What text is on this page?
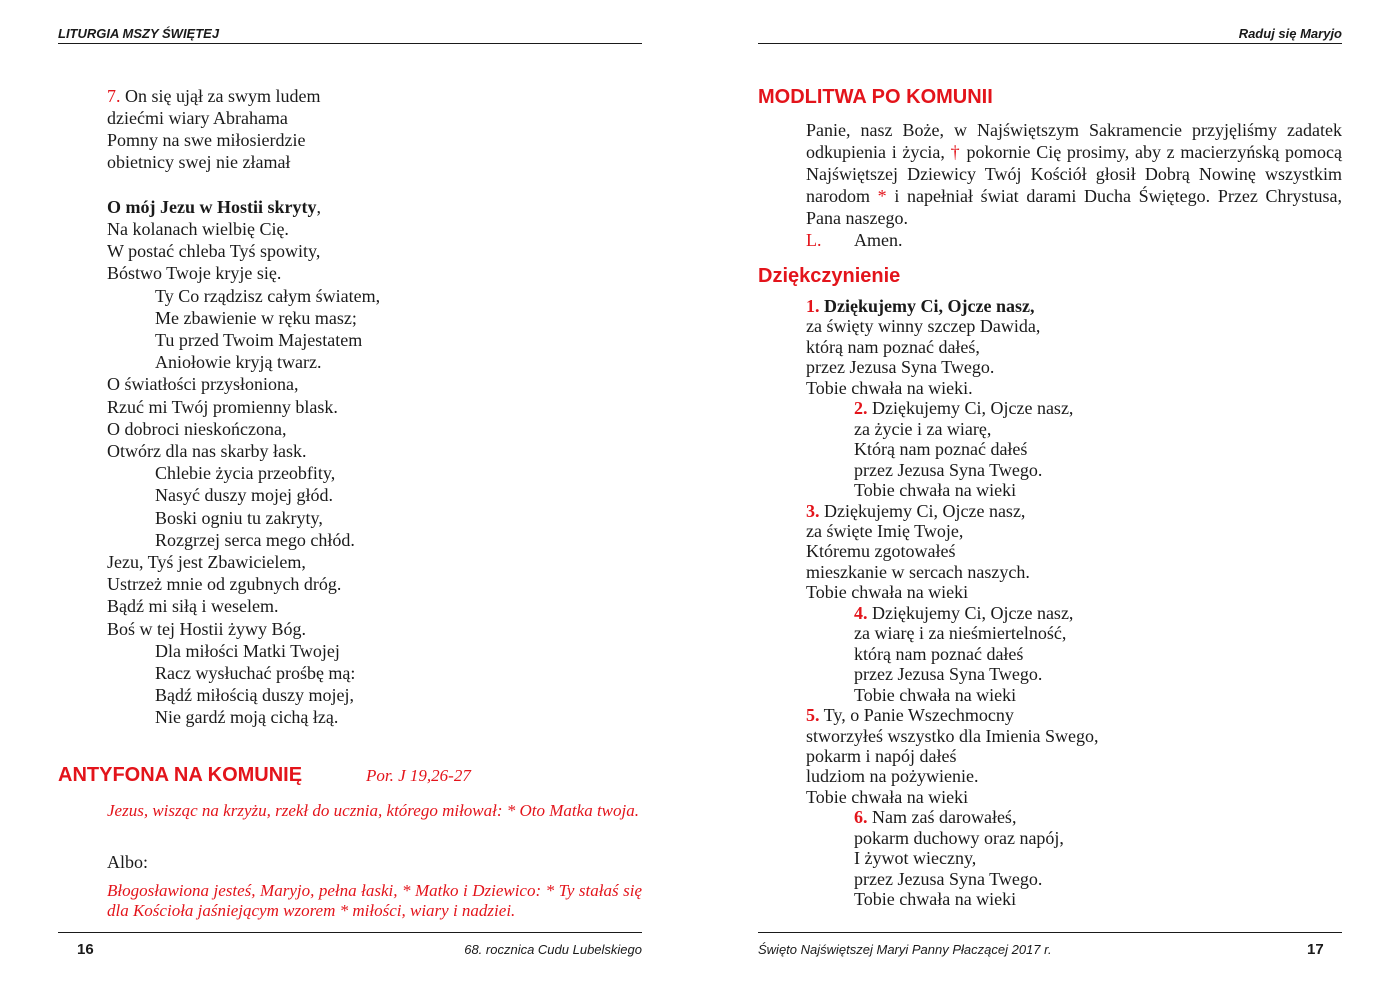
LITURGIA MSZY ŚWIĘTEJ
7. On się ujął za swym ludem
dziećmi wiary Abrahama
Pomny na swe miłosierdzie
obietnicy swej nie złamał
O mój Jezu w Hostii skryty,
Na kolanach wielbię Cię.
W postać chleba Tyś spowity,
Bóstwo Twoje kryje się.
Ty Co rządzisz całym światem,
Me zbawienie w ręku masz;
Tu przed Twoim Majestatem
Aniołowie kryją twarz.
O światłości przysłoniona,
Rzuć mi Twój promienny blask.
O dobroci nieskończona,
Otwórz dla nas skarby łask.
Chlebie życia przeobfity,
Nasyć duszy mojej głód.
Boski ogniu tu zakryty,
Rozgrzej serca mego chłód.
Jezu, Tyś jest Zbawicielem,
Ustrzeż mnie od zgubnych dróg.
Bądź mi siłą i weselem.
Boś w tej Hostii żywy Bóg.
Dla miłości Matki Twojej
Racz wysłuchać prośbę mą:
Bądź miłością duszy mojej,
Nie gardź moją cichą łzą.
ANTYFONA NA KOMUNIĘ	Por. J 19,26-27
Jezus, wisząc na krzyżu, rzekł do ucznia, którego miłował: * Oto Matka twoja.
Albo:
Błogosławiona jesteś, Maryjo, pełna łaski, * Matko i Dziewico: * Ty stałaś się dla Kościoła jaśniejącym wzorem * miłości, wiary i nadziei.
16	68. rocznica Cudu Lubelskiego
Raduj się Maryjo
MODLITWA PO KOMUNII
Panie, nasz Boże, w Najświętszym Sakramencie przyjęliśmy zadatek odkupienia i życia, † pokornie Cię prosimy, aby z macierzyńską pomocą Najświętszej Dziewicy Twój Kościół głosił Dobrą Nowinę wszystkim narodom * i napełniał świat darami Ducha Świętego. Przez Chrystusa, Pana naszego.
L. Amen.
Dziękczynienie
1. Dziękujemy Ci, Ojcze nasz,
za święty winny szczep Dawida,
którą nam poznać dałeś,
przez Jezusa Syna Twego.
Tobie chwała na wieki.
2. Dziękujemy Ci, Ojcze nasz,
za życie i za wiarę,
Którą nam poznać dałeś
przez Jezusa Syna Twego.
Tobie chwała na wieki
3. Dziękujemy Ci, Ojcze nasz,
za święte Imię Twoje,
Któremu zgotowałeś
mieszkanie w sercach naszych.
Tobie chwała na wieki
4. Dziękujemy Ci, Ojcze nasz,
za wiarę i za nieśmiertelność,
którą nam poznać dałeś
przez Jezusa Syna Twego.
Tobie chwała na wieki
5. Ty, o Panie Wszechmocny
stworzyłeś wszystko dla Imienia Swego,
pokarm i napój dałeś
ludziom na pożywienie.
Tobie chwała na wieki
6. Nam zaś darowałeś,
pokarm duchowy oraz napój,
I żywot wieczny,
przez Jezusa Syna Twego.
Tobie chwała na wieki
Święto Najświętszej Maryi Panny Płaczącej 2017 r.	17
